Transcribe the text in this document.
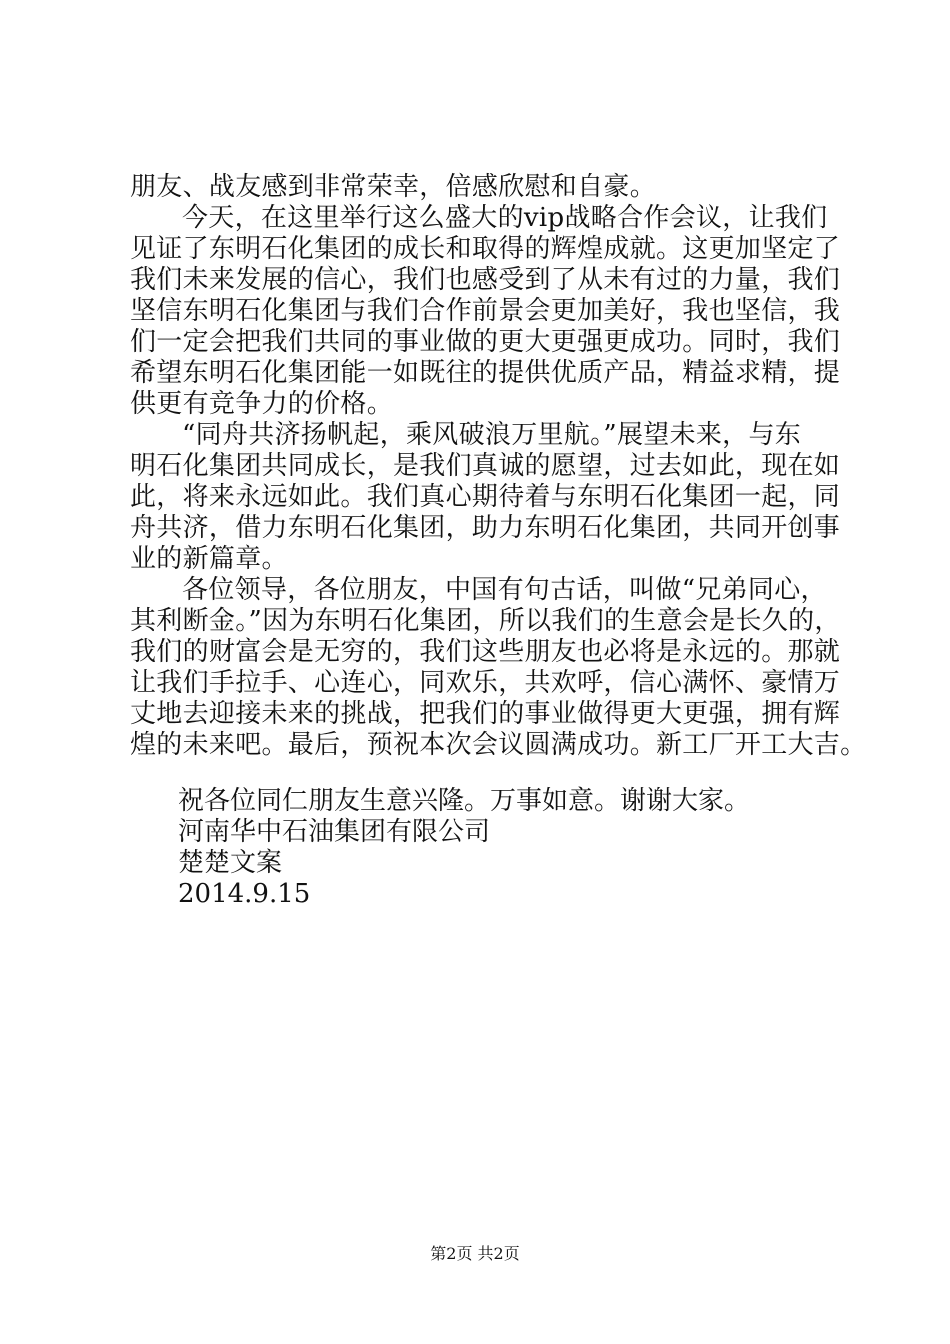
朋友、战友感到非常荣幸，倍感欣慰和自豪。
今天，在这里举行这么盛大的vip战略合作会议，让我们
见证了东明石化集团的成长和取得的辉煌成就。这更加坚定了
我们未来发展的信心，我们也感受到了从未有过的力量，我们
坚信东明石化集团与我们合作前景会更加美好，我也坚信，我
们一定会把我们共同的事业做的更大更强更成功。同时，我们
希望东明石化集团能一如既往的提供优质产品，精益求精，提
供更有竞争力的价格。
“同舟共济扬帆起，乘风破浪万里航。”展望未来，与东
明石化集团共同成长，是我们真诚的愿望，过去如此，现在如
此，将来永远如此。我们真心期待着与东明石化集团一起，同
舟共济，借力东明石化集团，助力东明石化集团，共同开创事
业的新篇章。
各位领导，各位朋友，中国有句古话，叫做“兄弟同心，
其利断金。”因为东明石化集团，所以我们的生意会是长久的，
我们的财富会是无穷的，我们这些朋友也必将是永远的。那就
让我们手拉手、心连心，同欢乐，共欢呼，信心满怀、豪情万
丈地去迎接未来的挑战，把我们的事业做得更大更强，拥有辉
煌的未来吧。最后，预祝本次会议圆满成功。新工厂开工大吉。
祝各位同仁朋友生意兴隆。万事如意。谢谢大家。
河南华中石油集团有限公司
楚楚文案
2014.9.15
第2页 共2页
